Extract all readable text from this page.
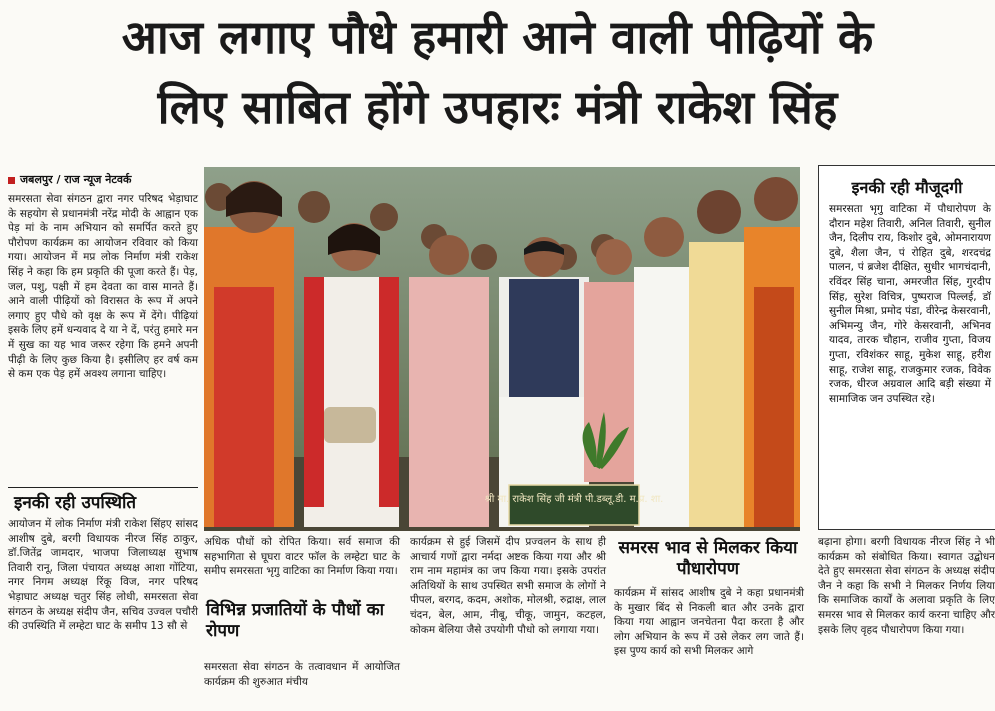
आज लगाए पौधे हमारी आने वाली पीढ़ियों के
लिए साबित होंगे उपहारः मंत्री राकेश सिंह
जबलपुर / राज न्यूज नेटवर्क
समरसता सेवा संगठन द्वारा नगर परिषद भेड़ाघाट के सहयोग से प्रधानमंत्री नरेंद्र मोदी के आह्वान एक पेड़ मां के नाम अभियान को समर्पित करते हुए पौरोपण कार्यक्रम का आयोजन रविवार को किया गया। आयोजन में मप्र लोक निर्माण मंत्री राकेश सिंह ने कहा कि हम प्रकृति की पूजा करते हैं। पेड़, जल, पशु, पक्षी में हम देवता का वास मानते हैं। आने वाली पीढ़ियों को विरासत के रूप में अपने लगाए हुए पौधे को वृक्ष के रूप में देंगे। पीढ़ियां इसके लिए हमें धन्यवाद दे या ने दें, परंतु हमारे मन में सुख का यह भाव जरूर रहेगा कि हमने अपनी पीढ़ी के लिए कुछ किया है। इसीलिए हर वर्ष कम से कम एक पेड़ हमें अवश्य लगाना चाहिए।
इनकी रही उपस्थिति
आयोजन में लोक निर्माण मंत्री राकेश सिंहए सांसद आशीष दुबे, बरगी विधायक नीरज सिंह ठाकुर, डॉ.जितेंद्र जामदार, भाजपा जिलाध्यक्ष सुभाष तिवारी रानू, जिला पंचायत अध्यक्ष आशा गोंटिया, नगर निगम अध्यक्ष रिंकू विज, नगर परिषद भेड़ाघाट अध्यक्ष चतुर सिंह लोधी, समरसता सेवा संगठन के अध्यक्ष संदीप जैन, सचिव उज्वल पचौरी की उपस्थिति में लम्हेटा घाट के समीप 13 सौ से
श्री मा. राकेश सिंह जी मंत्री पी.डब्लू.डी. म.प्र. शा.
अधिक पौधों को रोपित किया। सर्व समाज की सहभागिता से घूघरा वाटर फॉल के लम्हेटा घाट के समीप समरसता भृगु वाटिका का निर्माण किया गया।
विभिन्न प्रजातियों के पौधों का रोपण
समरसता सेवा संगठन के तत्वावधान में आयोजित कार्यक्रम की शुरुआत मंचीय
कार्यक्रम से हुई जिसमें दीप प्रज्वलन के साथ ही आचार्य गणों द्वारा नर्मदा अष्टक किया गया और श्री राम नाम महामंत्र का जप किया गया। इसके उपरांत अतिथियों के साथ उपस्थित सभी समाज के लोगों ने पीपल, बरगद, कदम, अशोक, मोलश्री, रुद्राक्ष, लाल चंदन, बेल, आम, नीबू, चीकू, जामुन, कटहल, कोकम बेलिया जैसे उपयोगी पौधो को लगाया गया।
समरस भाव से मिलकर किया पौधारोपण
कार्यक्रम में सांसद आशीष दुबे ने कहा प्रधानमंत्री के मुखार बिंद से निकली बात और उनके द्वारा किया गया आह्वान जनचेतना पैदा करता है और लोग अभियान के रूप में उसे लेकर लग जाते हैं। इस पुण्य कार्य को सभी मिलकर आगे
बढ़ाना होगा। बरगी विधायक नीरज सिंह ने भी कार्यक्रम को संबोधित किया। स्वागत उद्बोधन देते हुए समरसता सेवा संगठन के अध्यक्ष संदीप जैन ने कहा कि सभी ने मिलकर निर्णय लिया कि समाजिक कार्यों के अलावा प्रकृति के लिए समरस भाव से मिलकर कार्य करना चाहिए और इसके लिए वृहद पौधारोपण किया गया।
इनकी रही मौजूदगी
समरसता भृगु वाटिका में पौधारोपण के दौरान महेश तिवारी, अनिल तिवारी, सुनील जैन, दिलीप राय, किशोर दुबे, ओमनारायण दुबे, शैला जैन, पं रोहित दुबे, शरदचंद्र पालन, पं ब्रजेश दीक्षित, सुधीर भागचंदानी, रविंदर सिंह चाना, अमरजीत सिंह, गुरदीप सिंह, सुरेश विचित्र, पुष्पराज पिल्लई, डॉ सुनील मिश्रा, प्रमोद पंडा, वीरेन्द्र केसरवानी, अभिमन्यु जैन, गोरे केसरवानी, अभिनव यादव, तारक चौहान, राजीव गुप्ता, विजय गुप्ता, रविशंकर साहू, मुकेश साहू, हरीश साहू, राजेश साहू, राजकुमार रजक, विवेक रजक, धीरज अग्रवाल आदि बड़ी संख्या में सामाजिक जन उपस्थित रहे।
